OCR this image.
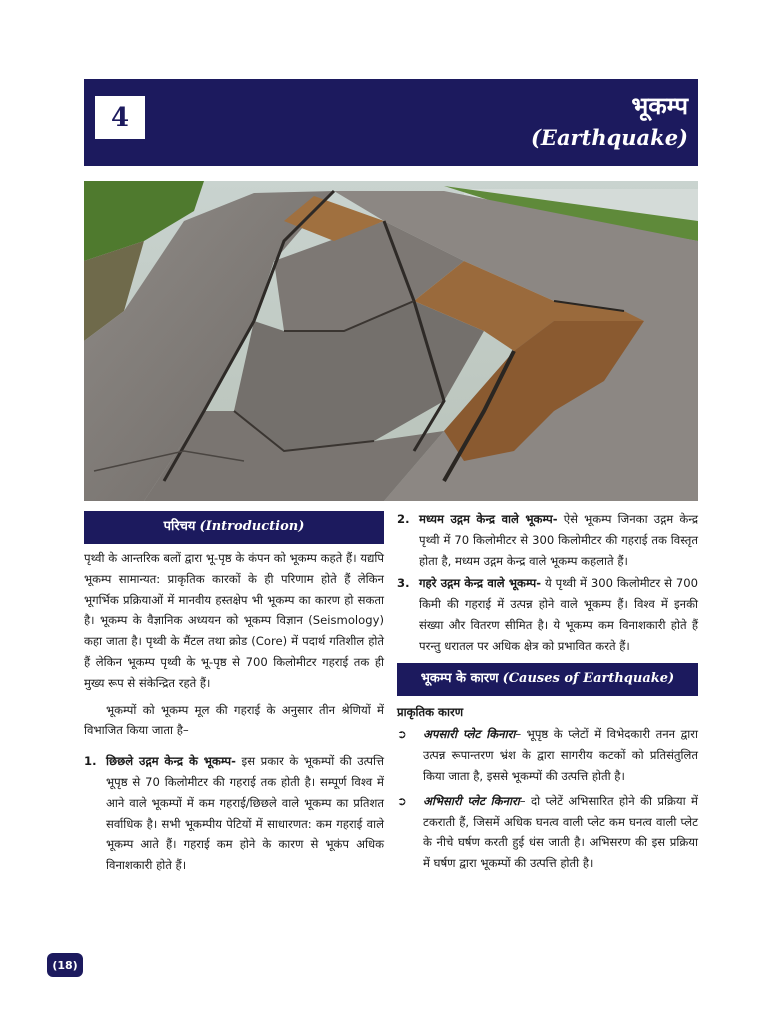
4	भूकम्प
(Earthquake)
परिचय (Introduction)

पृथ्वी के आन्तरिक बलों द्वारा भू-पृष्ठ के कंपन को भूकम्प कहते हैं। यद्यपि भूकम्प सामान्यत: प्राकृतिक कारकों के ही परिणाम होते हैं लेकिन भूगर्भिक प्रक्रियाओं में मानवीय हस्तक्षेप भी भूकम्प का कारण हो सकता है। भूकम्प के वैज्ञानिक अध्ययन को भूकम्प विज्ञान (Seismology) कहा जाता है। पृथ्वी के मैंटल तथा क्रोड (Core) में पदार्थ गतिशील होते हैं लेकिन भूकम्प पृथ्वी के भू-पृष्ठ से 700 किलोमीटर गहराई तक ही मुख्य रूप से संकेन्द्रित रहते हैं।

भूकम्पों को भूकम्प मूल की गहराई के अनुसार तीन श्रेणियों में विभाजित किया जाता है–

1. छिछले उद्गम केन्द्र के भूकम्प- इस प्रकार के भूकम्पों की उत्पत्ति भूपृष्ठ से 70 किलोमीटर की गहराई तक होती है। सम्पूर्ण विश्व में आने वाले भूकम्पों में कम गहराई/छिछले वाले भूकम्प का प्रतिशत सर्वाधिक है। सभी भूकम्पीय पेटियों में साधारणत: कम गहराई वाले भूकम्प आते हैं। गहराई कम होने के कारण से भूकंप अधिक विनाशकारी होते हैं।
2. मध्यम उद्गम केन्द्र वाले भूकम्प- ऐसे भूकम्प जिनका उद्गम केन्द्र पृथ्वी में 70 किलोमीटर से 300 किलोमीटर की गहराई तक विस्तृत होता है, मध्यम उद्गम केन्द्र वाले भूकम्प कहलाते हैं।
3. गहरे उद्गम केन्द्र वाले भूकम्प- ये पृथ्वी में 300 किलोमीटर से 700 किमी की गहराई में उत्पन्न होने वाले भूकम्प हैं। विश्व में इनकी संख्या और वितरण सीमित है। ये भूकम्प कम विनाशकारी होते हैं परन्तु धरातल पर अधिक क्षेत्र को प्रभावित करते हैं।
भूकम्प के कारण (Causes of Earthquake)
प्राकृतिक कारण
➲	अपसारी प्लेट किनारा– भूपृष्ठ के प्लेटों में विभेदकारी तनन द्वारा उत्पन्न रूपान्तरण भ्रंश के द्वारा सागरीय कटकों को प्रतिसंतुलित किया जाता है, इससे भूकम्पों की उत्पत्ति होती है।
➲	अभिसारी प्लेट किनारा– दो प्लेटें अभिसारित होने की प्रक्रिया में टकराती हैं, जिसमें अधिक घनत्व वाली प्लेट कम घनत्व वाली प्लेट के नीचे घर्षण करती हुई धंस जाती है। अभिसरण की इस प्रक्रिया में घर्षण द्वारा भूकम्पों की उत्पत्ति होती है।
(18)
